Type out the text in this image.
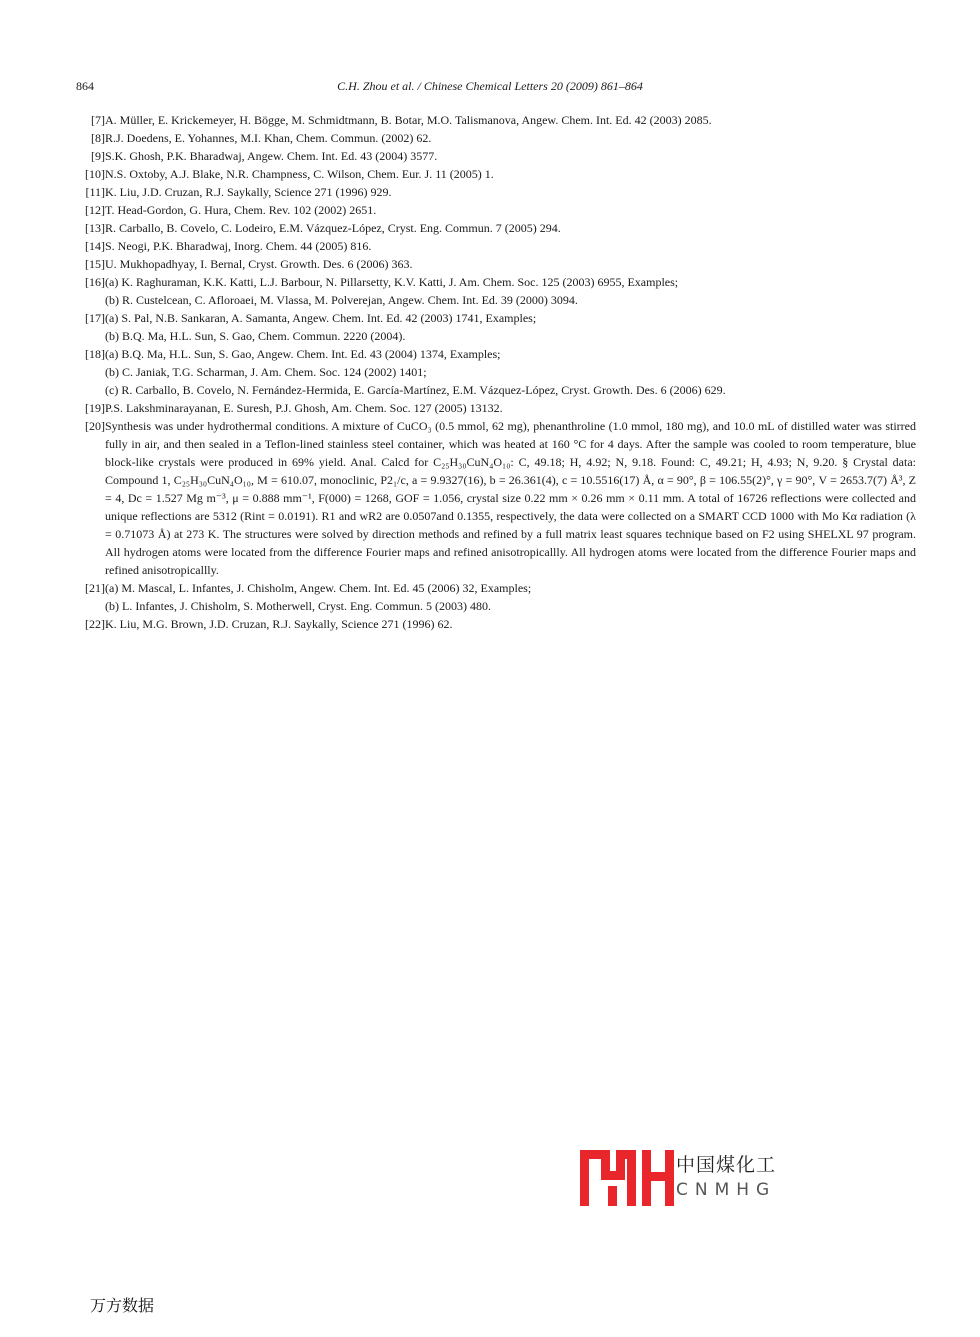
864	C.H. Zhou et al. / Chinese Chemical Letters 20 (2009) 861–864
[7] A. Müller, E. Krickemeyer, H. Bögge, M. Schmidtmann, B. Botar, M.O. Talismanova, Angew. Chem. Int. Ed. 42 (2003) 2085.
[8] R.J. Doedens, E. Yohannes, M.I. Khan, Chem. Commun. (2002) 62.
[9] S.K. Ghosh, P.K. Bharadwaj, Angew. Chem. Int. Ed. 43 (2004) 3577.
[10] N.S. Oxtoby, A.J. Blake, N.R. Champness, C. Wilson, Chem. Eur. J. 11 (2005) 1.
[11] K. Liu, J.D. Cruzan, R.J. Saykally, Science 271 (1996) 929.
[12] T. Head-Gordon, G. Hura, Chem. Rev. 102 (2002) 2651.
[13] R. Carballo, B. Covelo, C. Lodeiro, E.M. Vázquez-López, Cryst. Eng. Commun. 7 (2005) 294.
[14] S. Neogi, P.K. Bharadwaj, Inorg. Chem. 44 (2005) 816.
[15] U. Mukhopadhyay, I. Bernal, Cryst. Growth. Des. 6 (2006) 363.
[16] (a) K. Raghuraman, K.K. Katti, L.J. Barbour, N. Pillarsetty, K.V. Katti, J. Am. Chem. Soc. 125 (2003) 6955, Examples;
(b) R. Custelcean, C. Afloroaei, M. Vlassa, M. Polverejan, Angew. Chem. Int. Ed. 39 (2000) 3094.
[17] (a) S. Pal, N.B. Sankaran, A. Samanta, Angew. Chem. Int. Ed. 42 (2003) 1741, Examples;
(b) B.Q. Ma, H.L. Sun, S. Gao, Chem. Commun. 2220 (2004).
[18] (a) B.Q. Ma, H.L. Sun, S. Gao, Angew. Chem. Int. Ed. 43 (2004) 1374, Examples;
(b) C. Janiak, T.G. Scharman, J. Am. Chem. Soc. 124 (2002) 1401;
(c) R. Carballo, B. Covelo, N. Fernández-Hermida, E. García-Martínez, E.M. Vázquez-López, Cryst. Growth. Des. 6 (2006) 629.
[19] P.S. Lakshminarayanan, E. Suresh, P.J. Ghosh, Am. Chem. Soc. 127 (2005) 13132.
[20] Synthesis was under hydrothermal conditions. A mixture of CuCO₃ (0.5 mmol, 62 mg), phenanthroline (1.0 mmol, 180 mg), and 10.0 mL of distilled water was stirred fully in air, and then sealed in a Teflon-lined stainless steel container, which was heated at 160 °C for 4 days. After the sample was cooled to room temperature, blue block-like crystals were produced in 69% yield. Anal. Calcd for C₂₅H₃₀CuN₄O₁₀: C, 49.18; H, 4.92; N, 9.18. Found: C, 49.21; H, 4.93; N, 9.20. § Crystal data: Compound 1, C₂₅H₃₀CuN₄O₁₀, M = 610.07, monoclinic, P2₁/c, a = 9.9327(16), b = 26.361(4), c = 10.5516(17) Å, α = 90°, β = 106.55(2)°, γ = 90°, V = 2653.7(7) Å³, Z = 4, Dc = 1.527 Mg m⁻³, μ = 0.888 mm⁻¹, F(000) = 1268, GOF = 1.056, crystal size 0.22 mm × 0.26 mm × 0.11 mm. A total of 16726 reflections were collected and unique reflections are 5312 (Rint = 0.0191). R1 and wR2 are 0.0507and 0.1355, respectively, the data were collected on a SMART CCD 1000 with Mo Kα radiation (λ = 0.71073 Å) at 273 K. The structures were solved by direction methods and refined by a full matrix least squares technique based on F2 using SHELXL 97 program. All hydrogen atoms were located from the difference Fourier maps and refined anisotropicallly. All hydrogen atoms were located from the difference Fourier maps and refined anisotropicallly.
[21] (a) M. Mascal, L. Infantes, J. Chisholm, Angew. Chem. Int. Ed. 45 (2006) 32, Examples;
(b) L. Infantes, J. Chisholm, S. Motherwell, Cryst. Eng. Commun. 5 (2003) 480.
[22] K. Liu, M.G. Brown, J.D. Cruzan, R.J. Saykally, Science 271 (1996) 62.
中国煤化工
CNMHG
万方数据
